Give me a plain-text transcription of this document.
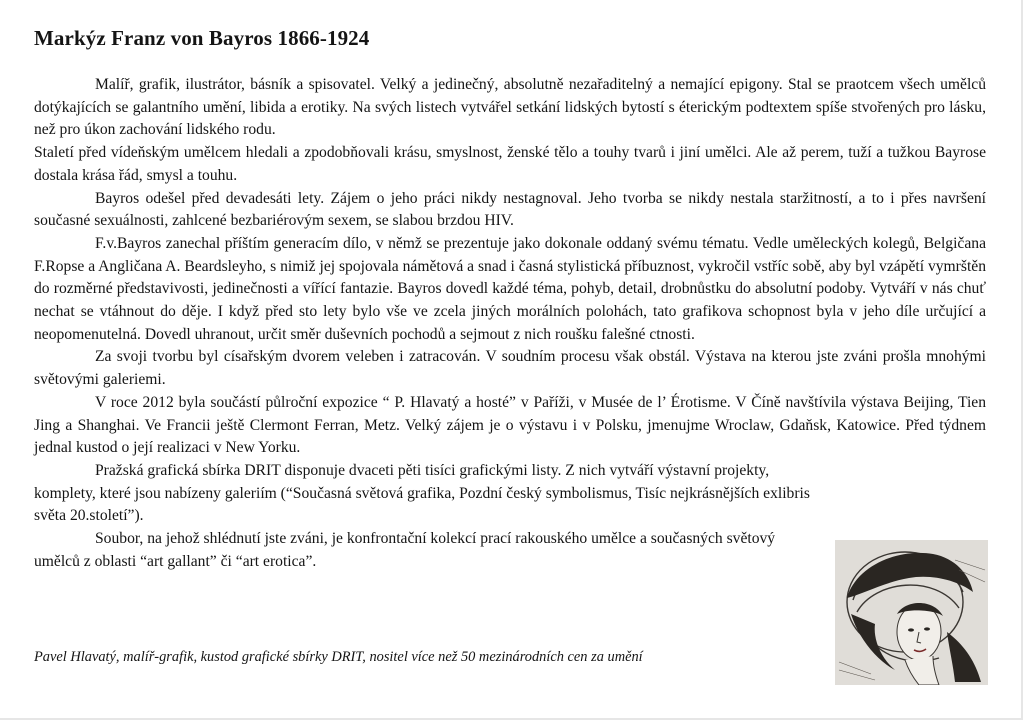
Markýz Franz von Bayros 1866-1924

Malíř, grafik, ilustrátor, básník a spisovatel. Velký a jedinečný, absolutně nezařaditelný a nemající epigony. Stal se praotcem všech umělců dotýkajících se galantního umění, libida a erotiky. Na svých listech vytvářel setkání lidských bytostí s éterickým podtextem spíše stvořených pro lásku, než pro úkon zachování lidského rodu.

Staletí před vídeňským umělcem hledali a zpodobňovali krásu, smyslnost, ženské tělo a touhy tvarů i jiní umělci. Ale až perem, tuží a tužkou Bayrose dostala krása řád, smysl a touhu.

Bayros odešel před devadesáti lety. Zájem o jeho práci nikdy nestagnoval. Jeho tvorba se nikdy nestala staržitností, a to i přes navršení současné sexuálnosti, zahlcené bezbariérovým sexem, se slabou brzdou HIV.

F.v.Bayros zanechal příštím generacím dílo, v němž se prezentuje jako dokonale oddaný svému tématu. Vedle uměleckých kolegů, Belgičana F.Ropse a Angličana A. Beardsleyho, s nimiž jej spojovala námětová a snad i časná stylistická příbuznost, vykročil vstříc sobě, aby byl vzápětí vymrštěn do rozměrné představivosti, jedinečnosti a vířící fantazie. Bayros dovedl každé téma, pohyb, detail, drobnůstku do absolutní podoby. Vytváří v nás chuť nechat se vtáhnout do děje. I když před sto lety bylo vše ve zcela jiných morálních polohách, tato grafikova schopnost byla v jeho díle určující a neopomenutelná. Dovedl uhranout, určit směr duševních pochodů a sejmout z nich roušku falešné ctnosti.

Za svoji tvorbu byl císařským dvorem veleben i zatracován. V soudním procesu však obstál. Výstava na kterou jste zváni prošla mnohými světovými galeriemi.

V roce 2012 byla součástí půlroční expozice “ P. Hlavatý a hosté” v Paříži, v Musée de l’ Érotisme. V Číně navštívila výstava Beijing, Tien Jing a Shanghai. Ve Francii ještě Clermont Ferran, Metz. Velký zájem je o výstavu i v Polsku, jmenujme Wroclaw, Gdaňsk, Katowice. Před týdnem jednal kustod o její realizaci v New Yorku.

Pražská grafická sbírka DRIT disponuje dvaceti pěti tisíci grafickými listy. Z nich vytváří výstavní projekty, komplety, které jsou nabízeny galeriím (“Současná světová grafika, Pozdní český symbolismus, Tisíc nejkrásnějších exlibris světa 20.století”).

Soubor, na jehož shlédnutí jste zváni, je konfrontační kolekcí prací rakouského umělce a současných světový umělců z oblasti “art gallant” či “art erotica”.

Pavel Hlavatý, malíř-grafik, kustod grafické sbírky DRIT, nositel více než 50 mezinárodních cen za umění
